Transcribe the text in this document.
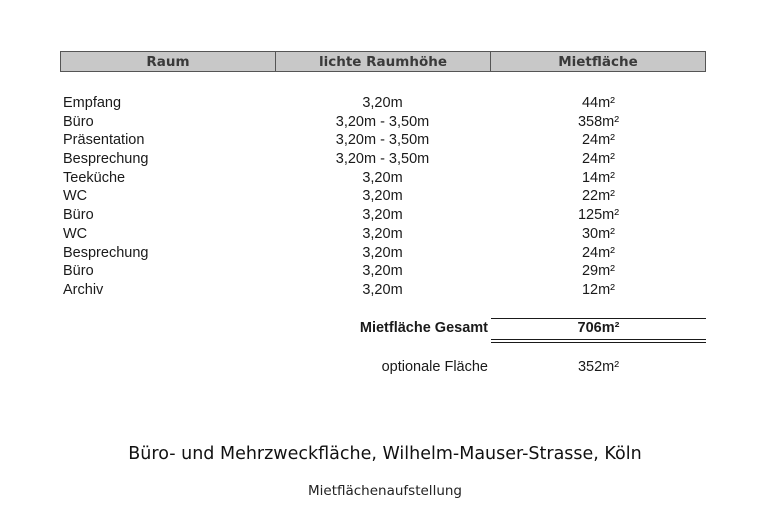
Raum	lichte Raumhöhe	Mietfläche
Empfang	3,20m	44m²
Büro	3,20m - 3,50m	358m²
Präsentation	3,20m - 3,50m	24m²
Besprechung	3,20m - 3,50m	24m²
Teeküche	3,20m	14m²
WC	3,20m	22m²
Büro	3,20m	125m²
WC	3,20m	30m²
Besprechung	3,20m	24m²
Büro	3,20m	29m²
Archiv	3,20m	12m²
Mietfläche Gesamt	706m²
optionale Fläche	352m²
Büro- und Mehrzweckfläche, Wilhelm-Mauser-Strasse, Köln
Mietflächenaufstellung
